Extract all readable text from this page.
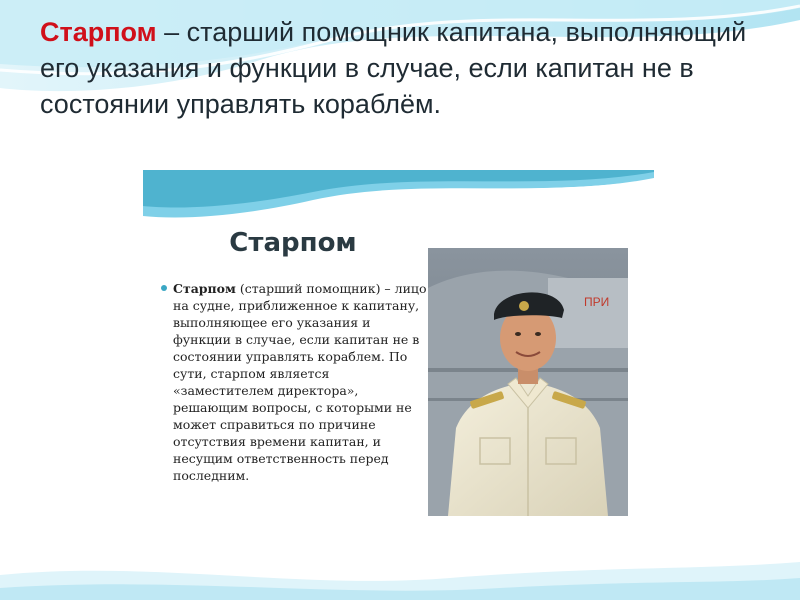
Старпом – старший помощник капитана, выполняющий его указания и функции в случае, если капитан не в состоянии управлять кораблём.

Старпом
Старпом (старший помощник) – лицо на судне, приближенное к капитану, выполняющее его указания и функции в случае, если капитан не в состоянии управлять кораблем. По сути, старпом является «заместителем директора», решающим вопросы, с которыми не может справиться по причине отсутствия времени капитан, и несущим ответственность перед последним.
ПРИ
